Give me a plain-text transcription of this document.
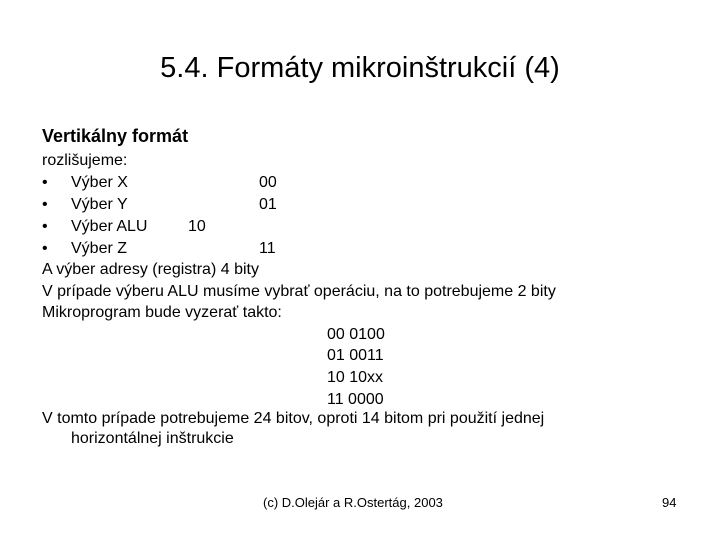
5.4. Formáty mikroinštrukcií (4)
Vertikálny formát
rozlišujeme:
• Výber X	00
• Výber Y	01
• Výber ALU	10
• Výber Z	11
A výber adresy (registra) 4 bity
V prípade výberu ALU musíme vybrať operáciu, na to potrebujeme 2 bity
Mikroprogram bude vyzerať takto:
00 0100
01 0011
10 10xx
11 0000
V tomto prípade potrebujeme 24 bitov, oproti 14 bitom pri použití jednej
horizontálnej inštrukcie
(c) D.Olejár a R.Ostertág, 2003	94
